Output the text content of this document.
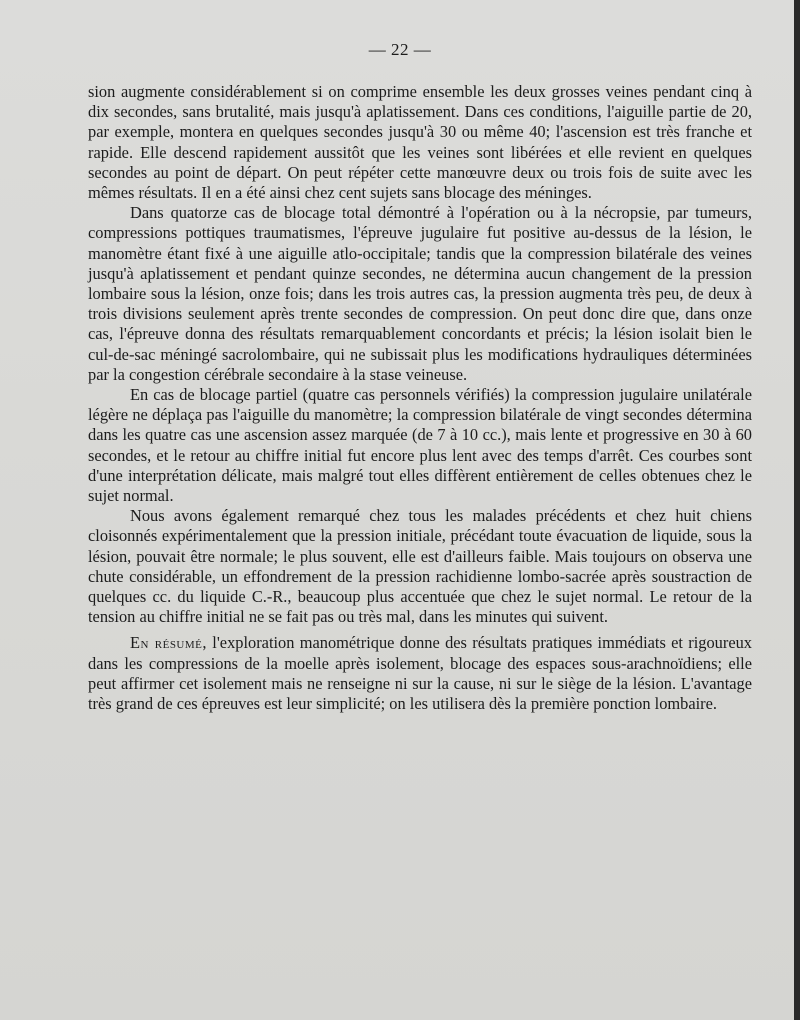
— 22 —

sion augmente considérablement si on comprime ensemble les deux grosses veines pendant cinq à dix secondes, sans brutalité, mais jusqu'à aplatissement. Dans ces conditions, l'aiguille partie de 20, par exemple, montera en quelques secondes jusqu'à 30 ou même 40; l'ascension est très franche et rapide. Elle descend rapidement aussitôt que les veines sont libérées et elle revient en quelques secondes au point de départ. On peut répéter cette manœuvre deux ou trois fois de suite avec les mêmes résultats. Il en a été ainsi chez cent sujets sans blocage des méninges.

Dans quatorze cas de blocage total démontré à l'opération ou à la nécropsie, par tumeurs, compressions pottiques traumatismes, l'épreuve jugulaire fut positive au-dessus de la lésion, le manomètre étant fixé à une aiguille atlo-occipitale; tandis que la compression bilatérale des veines jusqu'à aplatissement et pendant quinze secondes, ne détermina aucun changement de la pression lombaire sous la lésion, onze fois; dans les trois autres cas, la pression augmenta très peu, de deux à trois divisions seulement après trente secondes de compression. On peut donc dire que, dans onze cas, l'épreuve donna des résultats remarquablement concordants et précis; la lésion isolait bien le cul-de-sac méningé sacrolombaire, qui ne subissait plus les modifications hydrauliques déterminées par la congestion cérébrale secondaire à la stase veineuse.

En cas de blocage partiel (quatre cas personnels vérifiés) la compression jugulaire unilatérale légère ne déplaça pas l'aiguille du manomètre; la compression bilatérale de vingt secondes détermina dans les quatre cas une ascension assez marquée (de 7 à 10 cc.), mais lente et progressive en 30 à 60 secondes, et le retour au chiffre initial fut encore plus lent avec des temps d'arrêt. Ces courbes sont d'une interprétation délicate, mais malgré tout elles diffèrent entièrement de celles obtenues chez le sujet normal.

Nous avons également remarqué chez tous les malades précédents et chez huit chiens cloisonnés expérimentalement que la pression initiale, précédant toute évacuation de liquide, sous la lésion, pouvait être normale; le plus souvent, elle est d'ailleurs faible. Mais toujours on observa une chute considérable, un effondrement de la pression rachidienne lombo-sacrée après soustraction de quelques cc. du liquide C.-R., beaucoup plus accentuée que chez le sujet normal. Le retour de la tension au chiffre initial ne se fait pas ou très mal, dans les minutes qui suivent.

En résumé, l'exploration manométrique donne des résultats pratiques immédiats et rigoureux dans les compressions de la moelle après isolement, blocage des espaces sous-arachnoïdiens; elle peut affirmer cet isolement mais ne renseigne ni sur la cause, ni sur le siège de la lésion. L'avantage très grand de ces épreuves est leur simplicité; on les utilisera dès la première ponction lombaire.
